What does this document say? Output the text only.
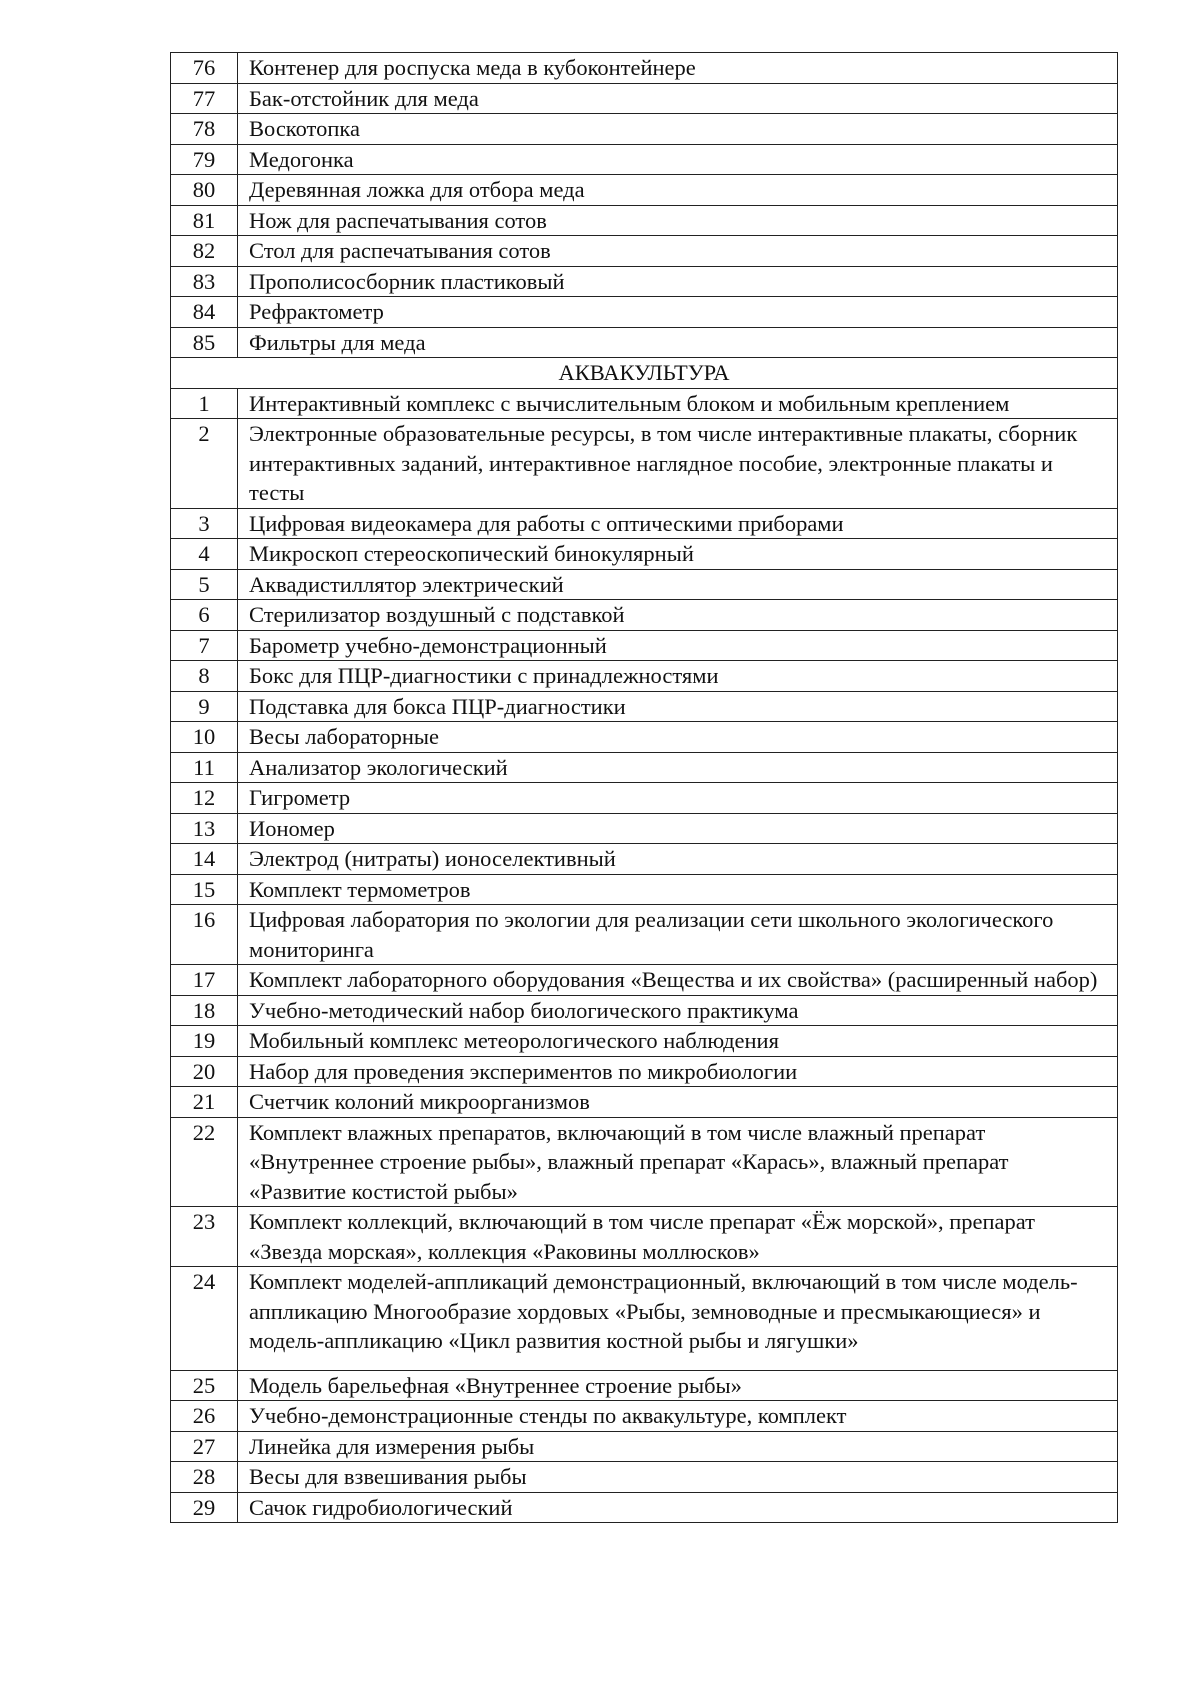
76	Контенер для роспуска меда в кубоконтейнере
77	Бак-отстойник для меда
78	Воскотопка
79	Медогонка
80	Деревянная ложка для отбора меда
81	Нож для распечатывания сотов
82	Стол для распечатывания сотов
83	Прополисосборник пластиковый
84	Рефрактометр
85	Фильтры для меда
АКВАКУЛЬТУРА	
1	Интерактивный комплекс с вычислительным блоком и мобильным креплением
2	Электронные образовательные ресурсы, в том числе интерактивные плакаты, сборник интерактивных заданий, интерактивное наглядное пособие, электронные плакаты и тесты
3	Цифровая видеокамера для работы с оптическими приборами
4	Микроскоп стереоскопический бинокулярный
5	Аквадистиллятор электрический
6	Стерилизатор воздушный с подставкой
7	Барометр учебно-демонстрационный
8	Бокс для ПЦР-диагностики с принадлежностями
9	Подставка для бокса ПЦР-диагностики
10	Весы лабораторные
11	Анализатор экологический
12	Гигрометр
13	Иономер
14	Электрод (нитраты) ионоселективный
15	Комплект термометров
16	Цифровая лаборатория по экологии для реализации сети школьного экологического мониторинга
17	Комплект лабораторного оборудования «Вещества и их свойства» (расширенный набор)
18	Учебно-методический набор биологического практикума
19	Мобильный комплекс метеорологического наблюдения
20	Набор для проведения экспериментов по микробиологии
21	Счетчик колоний микроорганизмов
22	Комплект влажных препаратов, включающий в том числе влажный препарат «Внутреннее строение рыбы», влажный препарат «Карась», влажный препарат «Развитие костистой рыбы»
23	Комплект коллекций, включающий в том числе препарат «Ёж морской», препарат «Звезда морская», коллекция «Раковины моллюсков»
24	Комплект моделей-аппликаций демонстрационный, включающий в том числе модель-аппликацию Многообразие хордовых «Рыбы, земноводные и пресмыкающиеся» и модель-аппликацию «Цикл развития костной рыбы и лягушки»
25	Модель барельефная «Внутреннее строение рыбы»
26	Учебно-демонстрационные стенды по аквакультуре, комплект
27	Линейка для измерения рыбы
28	Весы для взвешивания рыбы
29	Сачок гидробиологический
